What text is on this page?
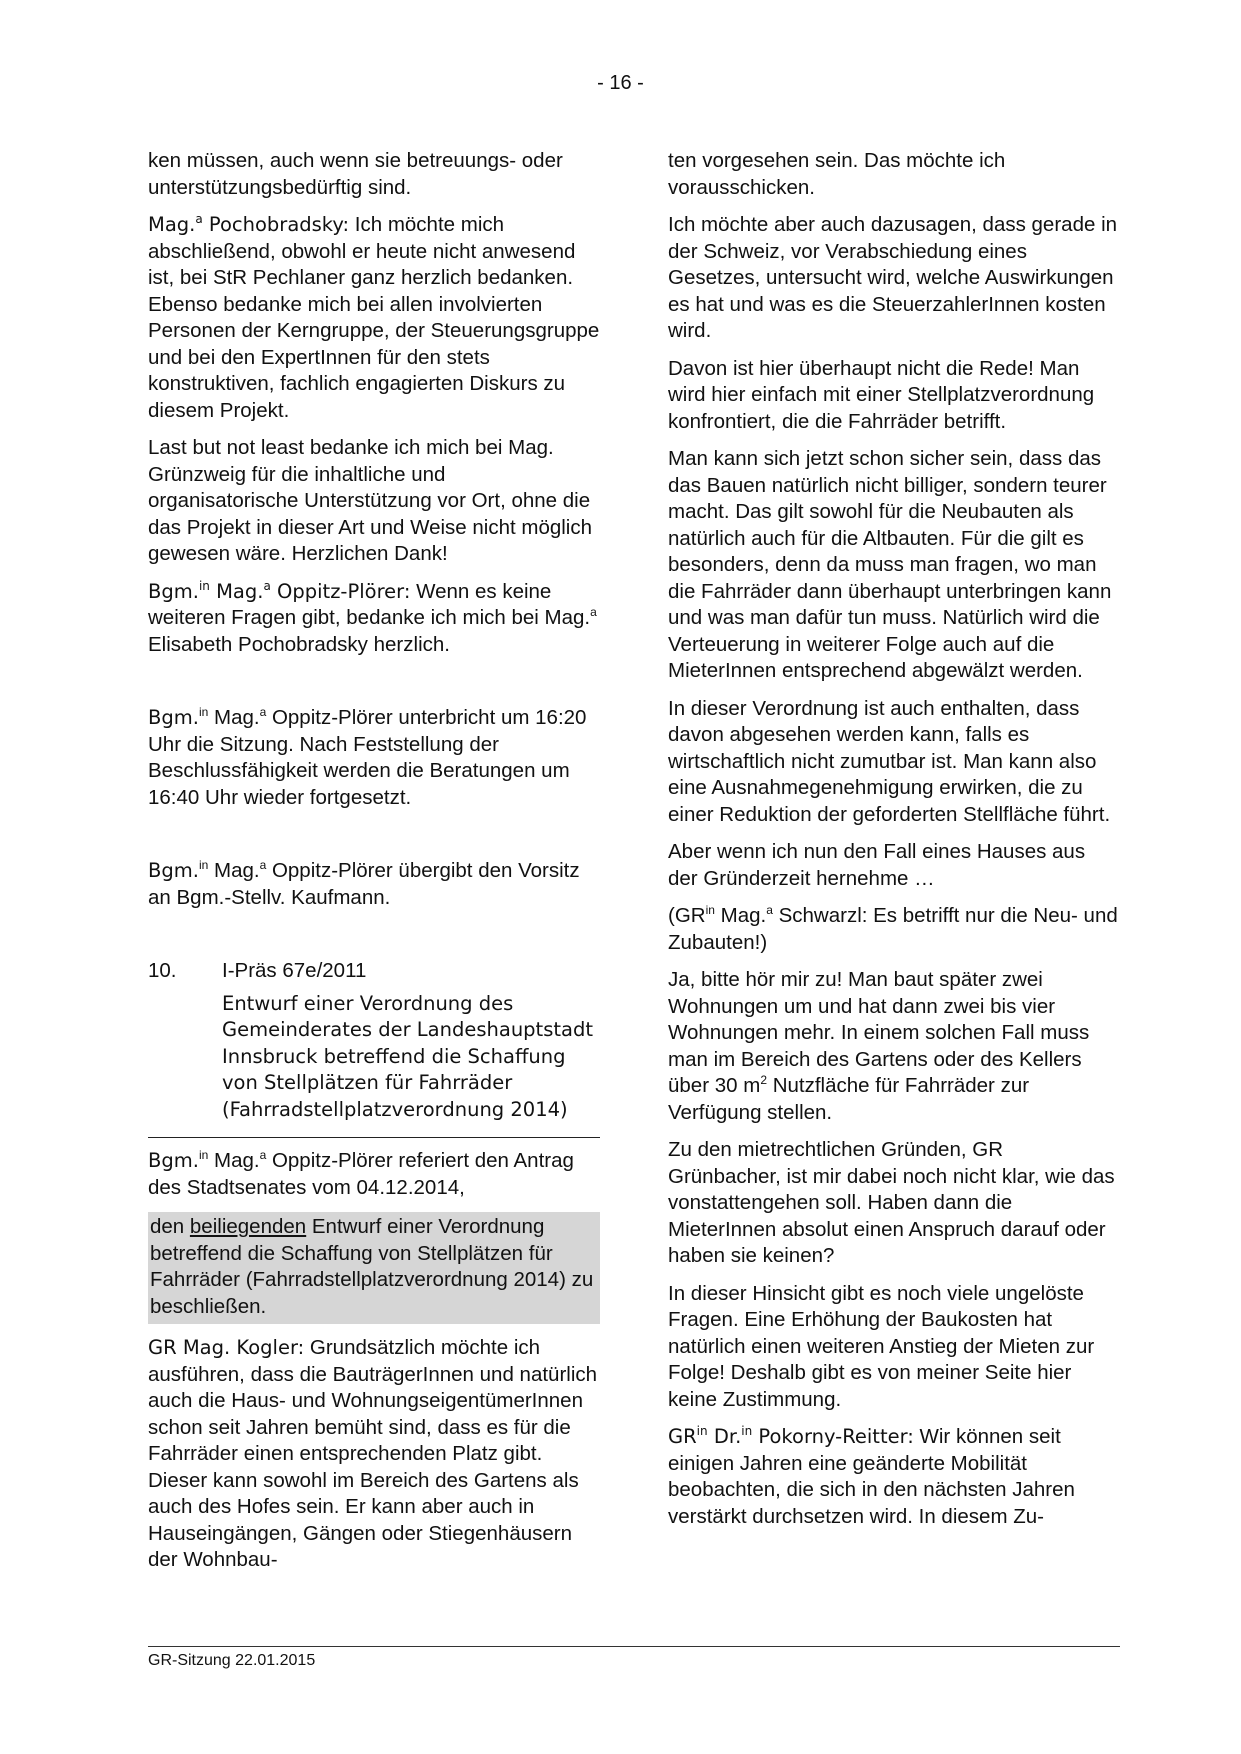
- 16 -

ken müssen, auch wenn sie betreuungs- oder unterstützungsbedürftig sind.

Mag.$^a$ Pochobradsky: Ich möchte mich abschließend, obwohl er heute nicht anwesend ist, bei StR Pechlaner ganz herzlich bedanken. Ebenso bedanke mich bei allen involvierten Personen der Kerngruppe, der Steuerungsgruppe und bei den ExpertInnen für den stets konstruktiven, fachlich engagierten Diskurs zu diesem Projekt.

Last but not least bedanke ich mich bei Mag. Grünzweig für die inhaltliche und organisatorische Unterstützung vor Ort, ohne die das Projekt in dieser Art und Weise nicht möglich gewesen wäre. Herzlichen Dank!

Bgm.$^{in}$ Mag.$^a$ Oppitz-Plörer: Wenn es keine weiteren Fragen gibt, bedanke ich mich bei Mag.$^a$ Elisabeth Pochobradsky herzlich.

Bgm.$^{in}$ Mag.$^a$ Oppitz-Plörer unterbricht um 16:20 Uhr die Sitzung. Nach Feststellung der Beschlussfähigkeit werden die Beratungen um 16:40 Uhr wieder fortgesetzt.

Bgm.$^{in}$ Mag.$^a$ Oppitz-Plörer übergibt den Vorsitz an Bgm.-Stellv. Kaufmann.

10. I-Präs 67e/2011
Entwurf einer Verordnung des Gemeinderates der Landeshauptstadt Innsbruck betreffend die Schaffung von Stellplätzen für Fahrräder (Fahrradstellplatzverordnung 2014)

Bgm.$^{in}$ Mag.$^a$ Oppitz-Plörer referiert den Antrag des Stadtsenates vom 04.12.2014,

den beiliegenden Entwurf einer Verordnung betreffend die Schaffung von Stellplätzen für Fahrräder (Fahrradstellplatzverordnung 2014) zu beschließen.

GR Mag. Kogler: Grundsätzlich möchte ich ausführen, dass die BauträgerInnen und natürlich auch die Haus- und WohnungseigentümerInnen schon seit Jahren bemüht sind, dass es für die Fahrräder einen entsprechenden Platz gibt. Dieser kann sowohl im Bereich des Gartens als auch des Hofes sein. Er kann aber auch in Hauseingängen, Gängen oder Stiegenhäusern der Wohnbau-

ten vorgesehen sein. Das möchte ich vorausschicken.

Ich möchte aber auch dazusagen, dass gerade in der Schweiz, vor Verabschiedung eines Gesetzes, untersucht wird, welche Auswirkungen es hat und was es die SteuerzahlerInnen kosten wird.

Davon ist hier überhaupt nicht die Rede! Man wird hier einfach mit einer Stellplatzverordnung konfrontiert, die die Fahrräder betrifft.

Man kann sich jetzt schon sicher sein, dass das das Bauen natürlich nicht billiger, sondern teurer macht. Das gilt sowohl für die Neubauten als natürlich auch für die Altbauten. Für die gilt es besonders, denn da muss man fragen, wo man die Fahrräder dann überhaupt unterbringen kann und was man dafür tun muss. Natürlich wird die Verteuerung in weiterer Folge auch auf die MieterInnen entsprechend abgewälzt werden.

In dieser Verordnung ist auch enthalten, dass davon abgesehen werden kann, falls es wirtschaftlich nicht zumutbar ist. Man kann also eine Ausnahmegenehmigung erwirken, die zu einer Reduktion der geforderten Stellfläche führt.

Aber wenn ich nun den Fall eines Hauses aus der Gründerzeit hernehme …

($GR^{in}$ Mag.$^a$ Schwarzl: Es betrifft nur die Neu- und Zubauten!)

Ja, bitte hör mir zu! Man baut später zwei Wohnungen um und hat dann zwei bis vier Wohnungen mehr. In einem solchen Fall muss man im Bereich des Gartens oder des Kellers über 30 $m^2$ Nutzfläche für Fahrräder zur Verfügung stellen.

Zu den mietrechtlichen Gründen, GR Grünbacher, ist mir dabei noch nicht klar, wie das vonstattengehen soll. Haben dann die MieterInnen absolut einen Anspruch darauf oder haben sie keinen?

In dieser Hinsicht gibt es noch viele ungelöste Fragen. Eine Erhöhung der Baukosten hat natürlich einen weiteren Anstieg der Mieten zur Folge! Deshalb gibt es von meiner Seite hier keine Zustimmung.

$GR^{in}$ Dr.$^{in}$ Pokorny-Reitter: Wir können seit einigen Jahren eine geänderte Mobilität beobachten, die sich in den nächsten Jahren verstärkt durchsetzen wird. In diesem Zu-

GR-Sitzung 22.01.2015
